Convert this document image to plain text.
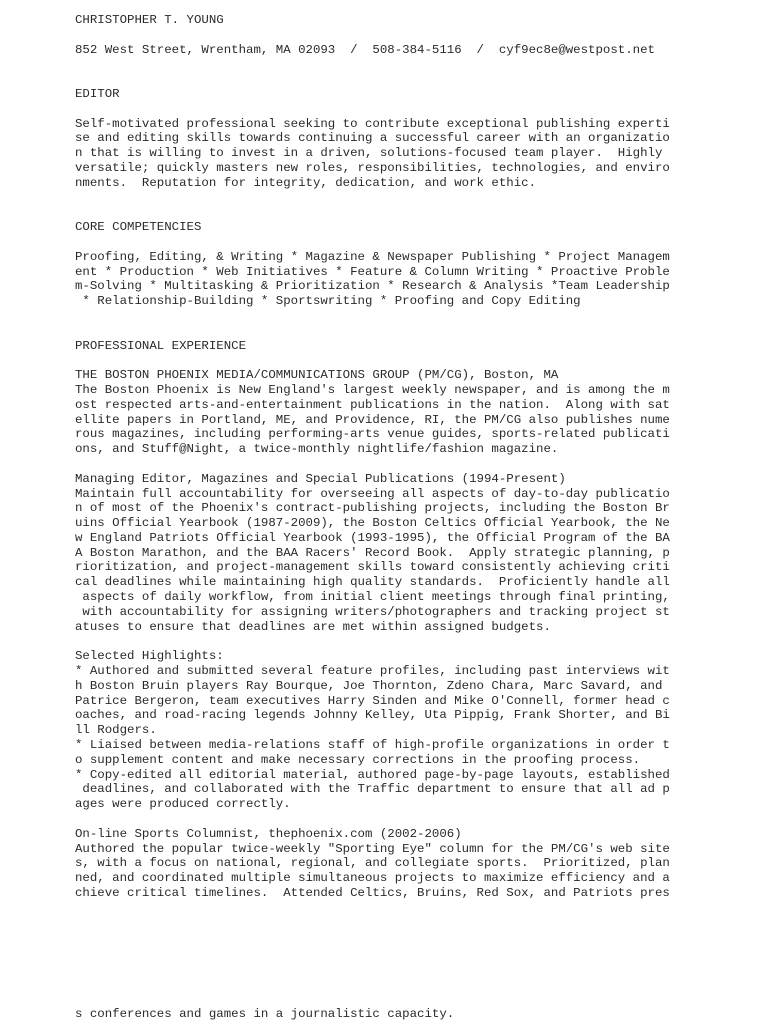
CHRISTOPHER T. YOUNG
852 West Street, Wrentham, MA 02093  /  508-384-5116  /  cyf9ec8e@westpost.net
EDITOR
Self-motivated professional seeking to contribute exceptional publishing experti
se and editing skills towards continuing a successful career with an organizatio
n that is willing to invest in a driven, solutions-focused team player.  Highly
versatile; quickly masters new roles, responsibilities, technologies, and enviro
nments.  Reputation for integrity, dedication, and work ethic.
CORE COMPETENCIES
Proofing, Editing, & Writing * Magazine & Newspaper Publishing * Project Managem
ent * Production * Web Initiatives * Feature & Column Writing * Proactive Proble
m-Solving * Multitasking & Prioritization * Research & Analysis *Team Leadership
* Relationship-Building * Sportswriting * Proofing and Copy Editing
PROFESSIONAL EXPERIENCE
THE BOSTON PHOENIX MEDIA/COMMUNICATIONS GROUP (PM/CG), Boston, MA
The Boston Phoenix is New England's largest weekly newspaper, and is among the m
ost respected arts-and-entertainment publications in the nation.  Along with sat
ellite papers in Portland, ME, and Providence, RI, the PM/CG also publishes nume
rous magazines, including performing-arts venue guides, sports-related publicati
ons, and Stuff@Night, a twice-monthly nightlife/fashion magazine.
Managing Editor, Magazines and Special Publications (1994-Present)
Maintain full accountability for overseeing all aspects of day-to-day publicatio
n of most of the Phoenix's contract-publishing projects, including the Boston Br
uins Official Yearbook (1987-2009), the Boston Celtics Official Yearbook, the Ne
w England Patriots Official Yearbook (1993-1995), the Official Program of the BA
A Boston Marathon, and the BAA Racers' Record Book.  Apply strategic planning, p
rioritization, and project-management skills toward consistently achieving criti
cal deadlines while maintaining high quality standards.  Proficiently handle all
aspects of daily workflow, from initial client meetings through final printing,
with accountability for assigning writers/photographers and tracking project st
atuses to ensure that deadlines are met within assigned budgets.
Selected Highlights:
* Authored and submitted several feature profiles, including past interviews wit
h Boston Bruin players Ray Bourque, Joe Thornton, Zdeno Chara, Marc Savard, and
Patrice Bergeron, team executives Harry Sinden and Mike O'Connell, former head c
oaches, and road-racing legends Johnny Kelley, Uta Pippig, Frank Shorter, and Bi
ll Rodgers.
* Liaised between media-relations staff of high-profile organizations in order t
o supplement content and make necessary corrections in the proofing process.
* Copy-edited all editorial material, authored page-by-page layouts, established
deadlines, and collaborated with the Traffic department to ensure that all ad p
ages were produced correctly.
On-line Sports Columnist, thephoenix.com (2002-2006)
Authored the popular twice-weekly "Sporting Eye" column for the PM/CG's web site
s, with a focus on national, regional, and collegiate sports.  Prioritized, plan
ned, and coordinated multiple simultaneous projects to maximize efficiency and a
chieve critical timelines.  Attended Celtics, Bruins, Red Sox, and Patriots pres
s conferences and games in a journalistic capacity.
